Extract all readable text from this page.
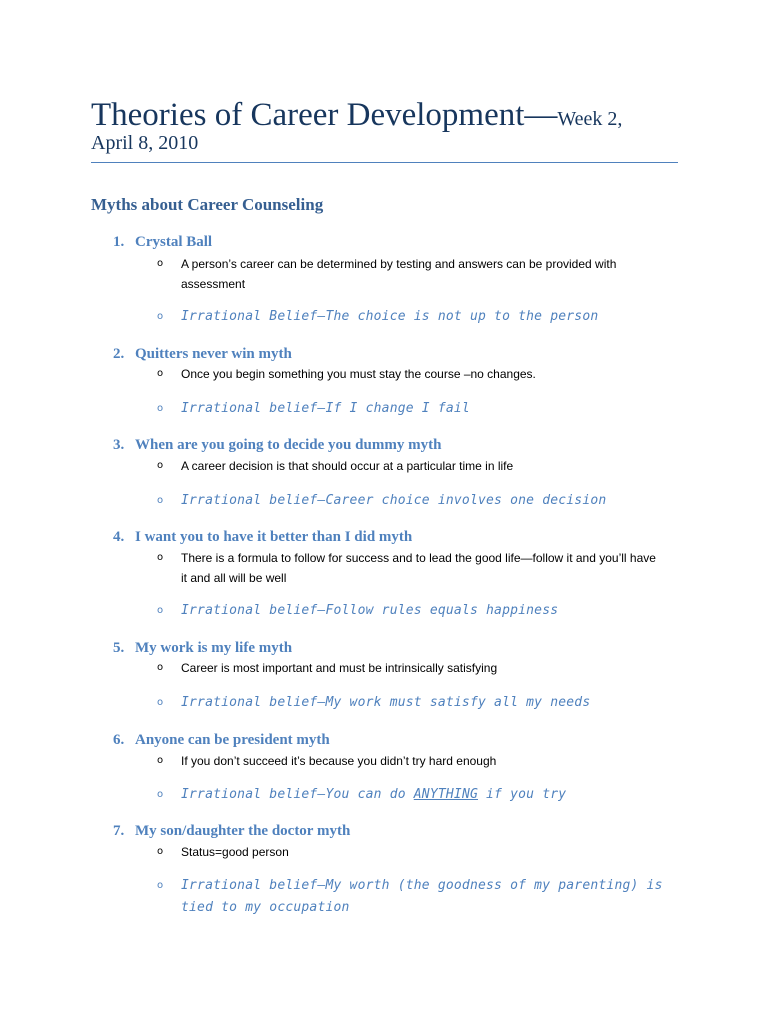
Theories of Career Development—Week 2,
April 8, 2010
Myths about Career Counseling
1. Crystal Ball
o A person’s career can be determined by testing and answers can be provided with assessment
o Irrational Belief—The choice is not up to the person
2. Quitters never win myth
o Once you begin something you must stay the course –no changes.
o Irrational belief—If I change I fail
3. When are you going to decide you dummy myth
o A career decision is that should occur at a particular time in life
o Irrational belief—Career choice involves one decision
4. I want you to have it better than I did myth
o There is a formula to follow for success and to lead the good life—follow it and you’ll have it and all will be well
o Irrational belief—Follow rules equals happiness
5. My work is my life myth
o Career is most important and must be intrinsically satisfying
o Irrational belief—My work must satisfy all my needs
6. Anyone can be president myth
o If you don’t succeed it’s because you didn’t try hard enough
o Irrational belief—You can do ANYTHING if you try
7. My son/daughter the doctor myth
o Status=good person
o Irrational belief—My worth (the goodness of my parenting) is tied to my occupation
